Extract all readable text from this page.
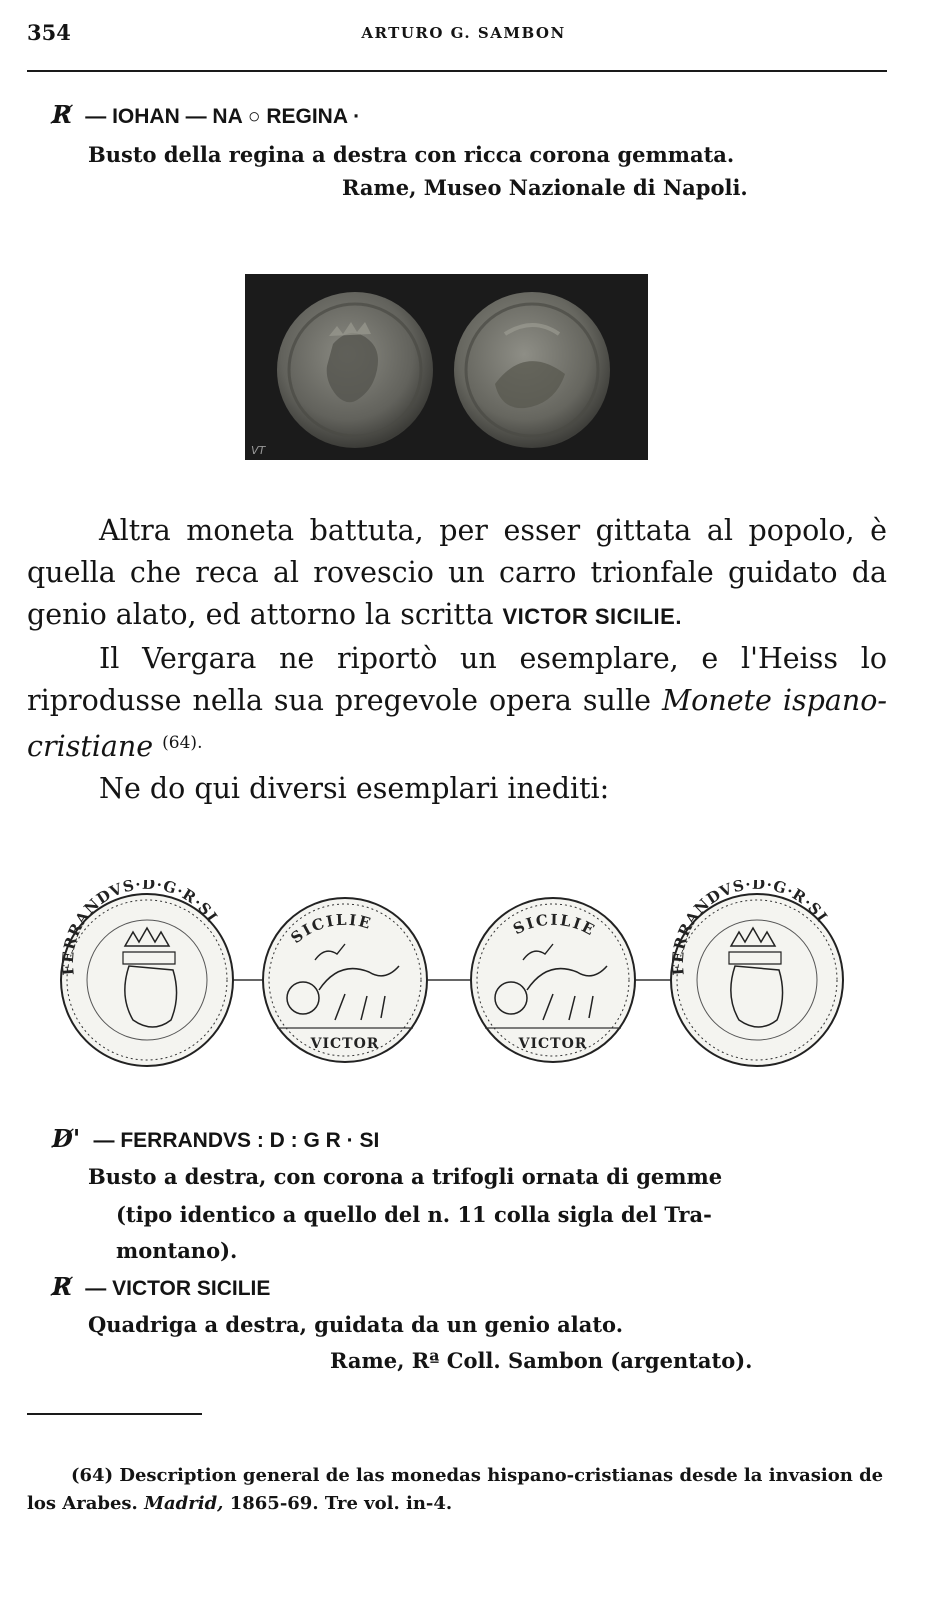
354	ARTURO G. SAMBON
R̸ — IOHAN — NA ○ REGINA ·
Busto della regina a destra con ricca corona gemmata.
Rame, Museo Nazionale di Napoli.
VT

Altra moneta battuta, per esser gittata al popolo, è quella che reca al rovescio un carro trionfale guidato da genio alato, ed attorno la scritta VICTOR SICILIE.

Il Vergara ne riportò un esemplare, e l'Heiss lo riprodusse nella sua pregevole opera sulle Monete ispano-cristiane $^{(64).}$

Ne do qui diversi esemplari inediti:

FERRANDVS·D·G·R·SI
SICILIE
VICTOR
SICILIE
VICTOR
FERRANDVS·D·G·R·SI
D̸' — FERRANDVS : D : G R · SI
Busto a destra, con corona a trifogli ornata di gemme
(tipo identico a quello del n. 11 colla sigla del Tra-
montano).
R̸ — VICTOR SICILIE
Quadriga a destra, guidata da un genio alato.
Rame, Rª Coll. Sambon (argentato).
(64) Description general de las monedas hispano-cristianas desde la invasion de los Arabes. Madrid, 1865-69. Tre vol. in-4.
